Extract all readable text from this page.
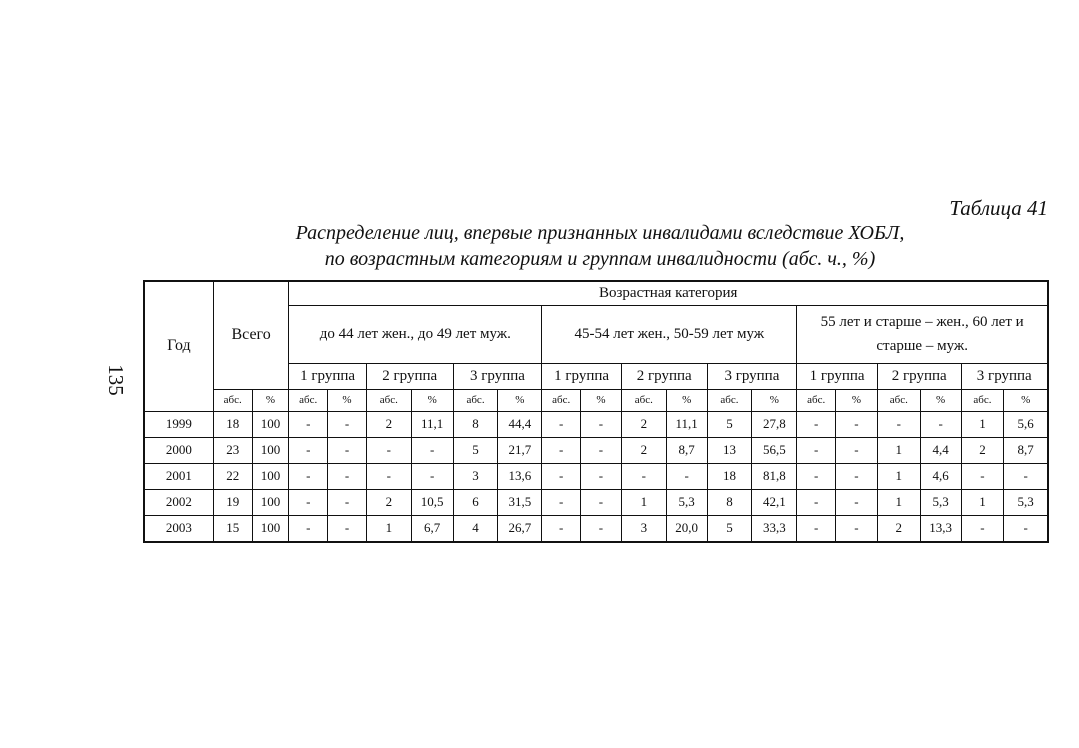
135
Таблица 41
Распределение лиц, впервые признанных инвалидами вследствие ХОБЛ,
по возрастным категориям и группам инвалидности (абс. ч., %)
Год	Всего		Возрастная категория																	

			до 44 лет жен., до 49 лет муж.						45-54 лет жен., 50-59 лет муж						55 лет и старше – жен., 60 лет и
старше – муж.					

			1 группа		2 группа		3 группа		1 группа		2 группа		3 группа		1 группа		2 группа		3 группа	
	абс.	%	абс.	%	абс.	%	абс.	%	абс.	%	абс.	%	абс.	%	абс.	%	абс.	%	абс.	%
1999	18	100	-	-	2	11,1	8	44,4	-	-	2	11,1	5	27,8	-	-	-	-	1	5,6
2000	23	100	-	-	-	-	5	21,7	-	-	2	8,7	13	56,5	-	-	1	4,4	2	8,7
2001	22	100	-	-	-	-	3	13,6	-	-	-	-	18	81,8	-	-	1	4,6	-	-
2002	19	100	-	-	2	10,5	6	31,5	-	-	1	5,3	8	42,1	-	-	1	5,3	1	5,3
2003	15	100	-	-	1	6,7	4	26,7	-	-	3	20,0	5	33,3	-	-	2	13,3	-	-
